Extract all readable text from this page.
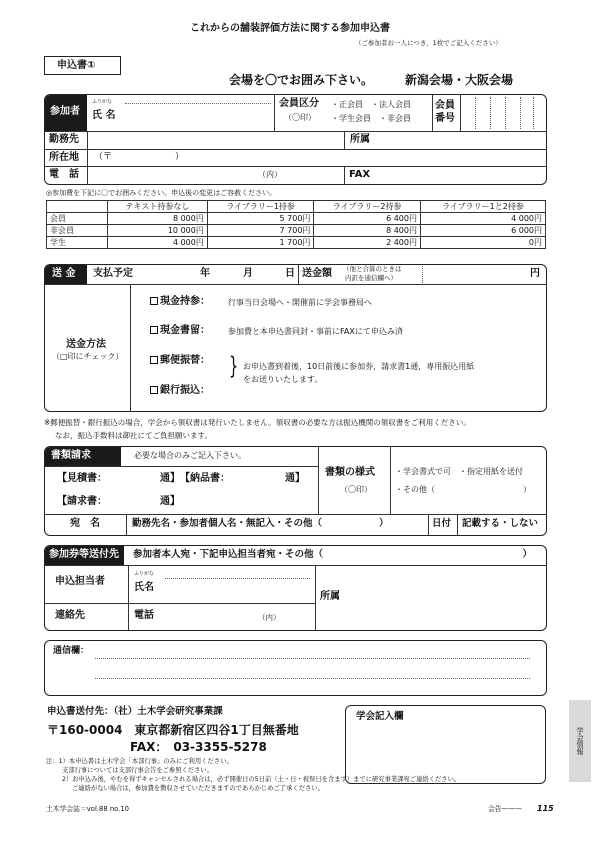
これからの舗装評価方法に関する参加申込書
（ご参加者お一人につき，1枚でご記入ください）
申込書①
会場を〇でお囲み下さい。	新潟会場・大阪会場
参加者
ふりがな
氏 名
会員区分
（〇印）
・正会員　・法人会員
・学生会員　・非会員
会員番号
勤務先	所属
所在地 （〒　　　　　　　）
電　話	（内）	FAX
◎参加費を下記に〇でお囲みください。申込後の変更はご容赦ください。
	テキスト持参なし	ライブラリー1持参	ライブラリー2持参	ライブラリー1と2持参
会員	8 000円	5 700円	6 400円	4 000円
非会員	10 000円	7 700円	8 400円	6 000円
学生	4 000円	1 700円	2 400円	0円
送 金	支払予定	年	月	日 送金額 （他と合算のときは
内訳を通信欄へ）	円
送金方法
（□印にチェック）
現金持参： 行事当日会場へ・開催前に学会事務局へ
現金書留： 参加費と本申込書同封・事前にFAXにて申込み済
郵便振替：
銀行振込：
} お申込書到着後，10日前後に参加券，請求書1通，専用振込用紙
をお送りいたします。
※郵便振替・銀行振込の場合，学会から領収書は発行いたしません。領収書の必要な方は振込機関の領収書をご利用ください。
なお，振込手数料は御社にてご負担願います。
書類請求	必要な場合のみご記入下さい。
【見積書：	通】 【納品書：	通】
【請求書：	通】
書類の様式
（〇印）
・学会書式で可　・指定用紙を送付
・その他（　　　　　　　　　　　）
宛　名	勤務先名・参加者個人名・無記入・その他（　　　　　　）	日付 記載する・しない
参加券等送付先	参加者本人宛・下記申込担当者宛・その他（　　　　　　　　　　　　　　　　　　　　　）
申込担当者
ふりがな
氏名
所属
連絡先	電話	（内）
通信欄：
申込書送付先：（社）土木学会研究事業課
〒160-0004　東京都新宿区四谷1丁目無番地
FAX：　03-3355-5278
学会記入欄
注：1）本申込書は土木学会「本部行事」のみにご利用ください。
支部行事については支部行事会告をご参照ください。
2）お申込み後，やむを得ずキャンセルされる場合は，必ず開催日の5日前（土・日・祝祭日を含まず）までに研究事業課宛ご連絡ください。
ご連絡がない場合は，参加費を徴収させていただきますのであらかじめご了承ください。
土木学会誌＝vol.88 no.10	会告——— 115
学会情報
